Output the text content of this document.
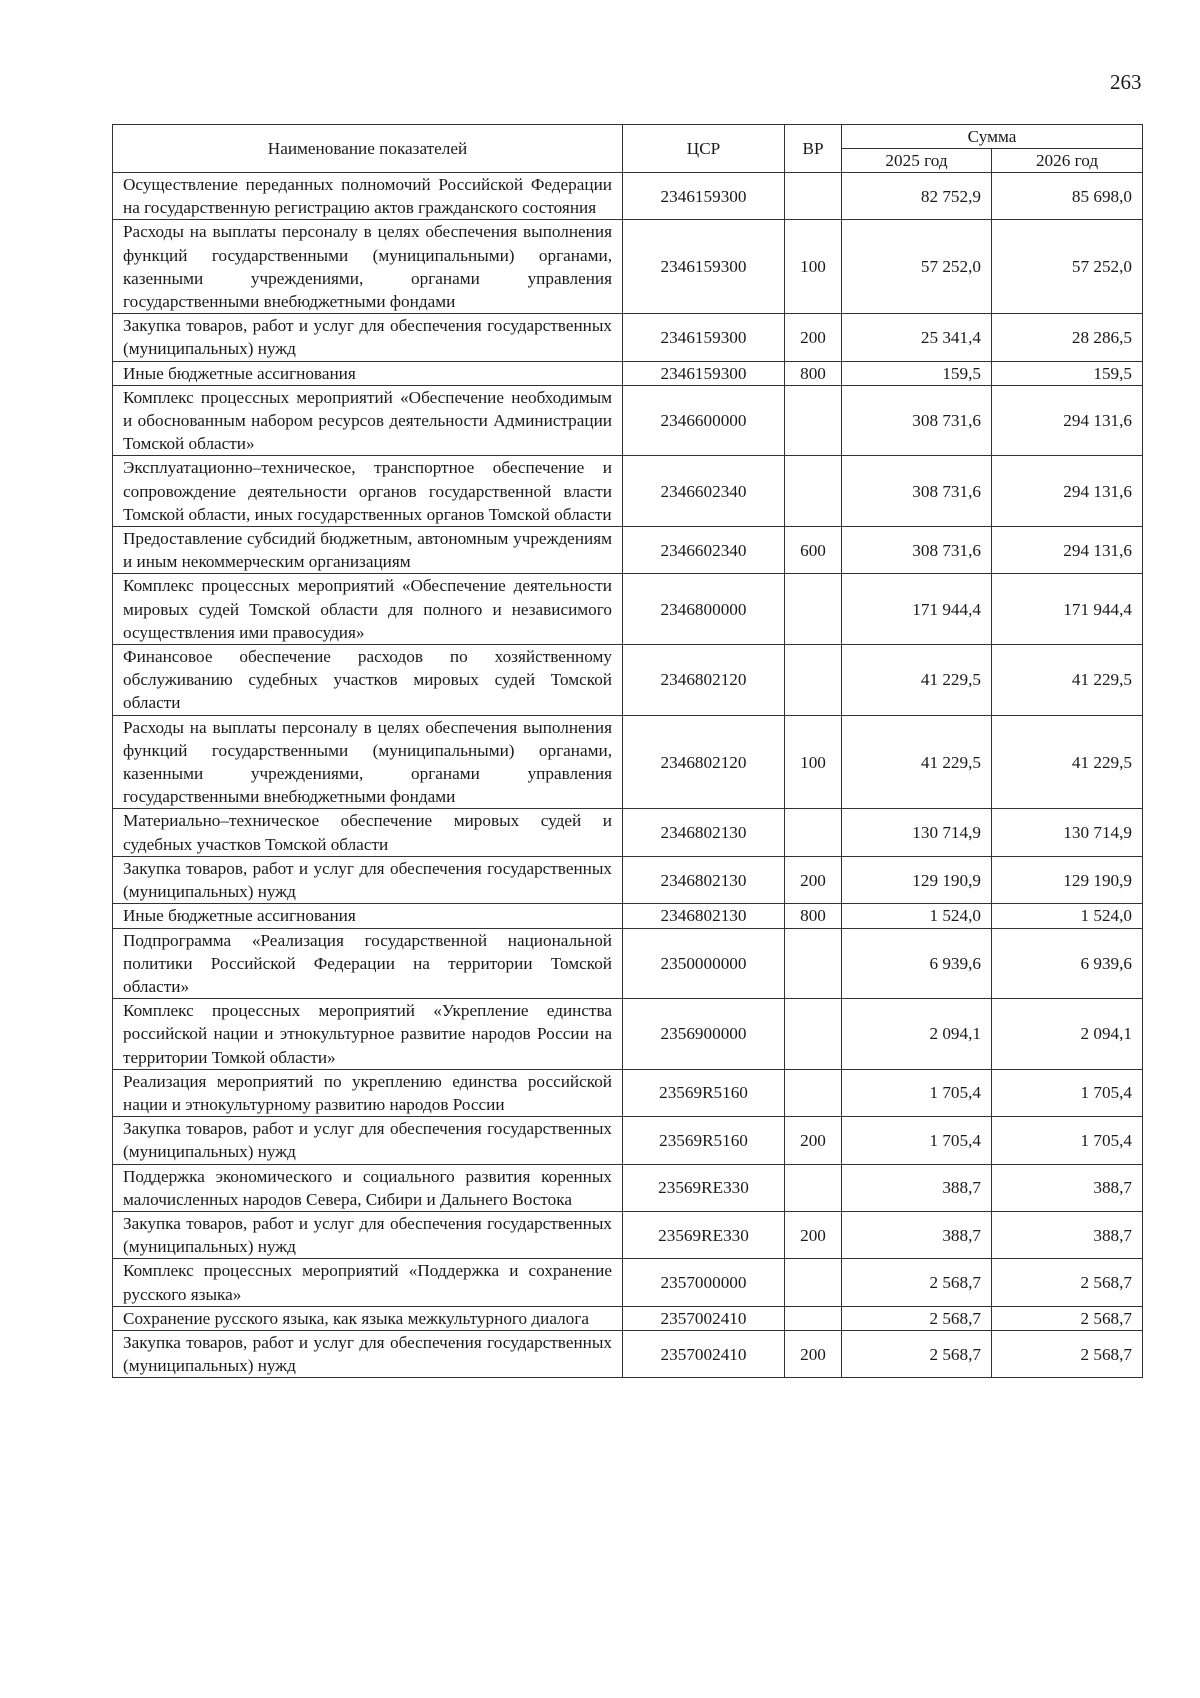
263
Наименование показателей	ЦСР	ВР	Сумма	
			2025 год	2026 год
Осуществление переданных полномочий Российской Федерации на государственную регистрацию актов гражданского состояния	2346159300		82 752,9	85 698,0
Расходы на выплаты персоналу в целях обеспечения выполнения функций государственными (муниципальными) органами, казенными учреждениями, органами управления государственными внебюджетными фондами	2346159300	100	57 252,0	57 252,0
Закупка товаров, работ и услуг для обеспечения государственных (муниципальных) нужд	2346159300	200	25 341,4	28 286,5
Иные бюджетные ассигнования	2346159300	800	159,5	159,5
Комплекс процессных мероприятий «Обеспечение необходимым и обоснованным набором ресурсов деятельности Администрации Томской области»	2346600000		308 731,6	294 131,6
Эксплуатационно–техническое, транспортное обеспечение и сопровождение деятельности органов государственной власти Томской области, иных государственных органов Томской области	2346602340		308 731,6	294 131,6
Предоставление субсидий бюджетным, автономным учреждениям и иным некоммерческим организациям	2346602340	600	308 731,6	294 131,6
Комплекс процессных мероприятий «Обеспечение деятельности мировых судей Томской области для полного и независимого осуществления ими правосудия»	2346800000		171 944,4	171 944,4
Финансовое обеспечение расходов по хозяйственному обслуживанию судебных участков мировых судей Томской области	2346802120		41 229,5	41 229,5
Расходы на выплаты персоналу в целях обеспечения выполнения функций государственными (муниципальными) органами, казенными учреждениями, органами управления государственными внебюджетными фондами	2346802120	100	41 229,5	41 229,5
Материально–техническое обеспечение мировых судей и судебных участков Томской области	2346802130		130 714,9	130 714,9
Закупка товаров, работ и услуг для обеспечения государственных (муниципальных) нужд	2346802130	200	129 190,9	129 190,9
Иные бюджетные ассигнования	2346802130	800	1 524,0	1 524,0
Подпрограмма «Реализация государственной национальной политики Российской Федерации на территории Томской области»	2350000000		6 939,6	6 939,6
Комплекс процессных мероприятий «Укрепление единства российской нации и этнокультурное развитие народов России на территории Томкой области»	2356900000		2 094,1	2 094,1
Реализация мероприятий по укреплению единства российской нации и этнокультурному развитию народов России	23569R5160		1 705,4	1 705,4
Закупка товаров, работ и услуг для обеспечения государственных (муниципальных) нужд	23569R5160	200	1 705,4	1 705,4
Поддержка экономического и социального развития коренных малочисленных народов Севера, Сибири и Дальнего Востока	23569RE330		388,7	388,7
Закупка товаров, работ и услуг для обеспечения государственных (муниципальных) нужд	23569RE330	200	388,7	388,7
Комплекс процессных мероприятий «Поддержка и сохранение русского языка»	2357000000		2 568,7	2 568,7
Сохранение русского языка, как языка межкультурного диалога	2357002410		2 568,7	2 568,7
Закупка товаров, работ и услуг для обеспечения государственных (муниципальных) нужд	2357002410	200	2 568,7	2 568,7
